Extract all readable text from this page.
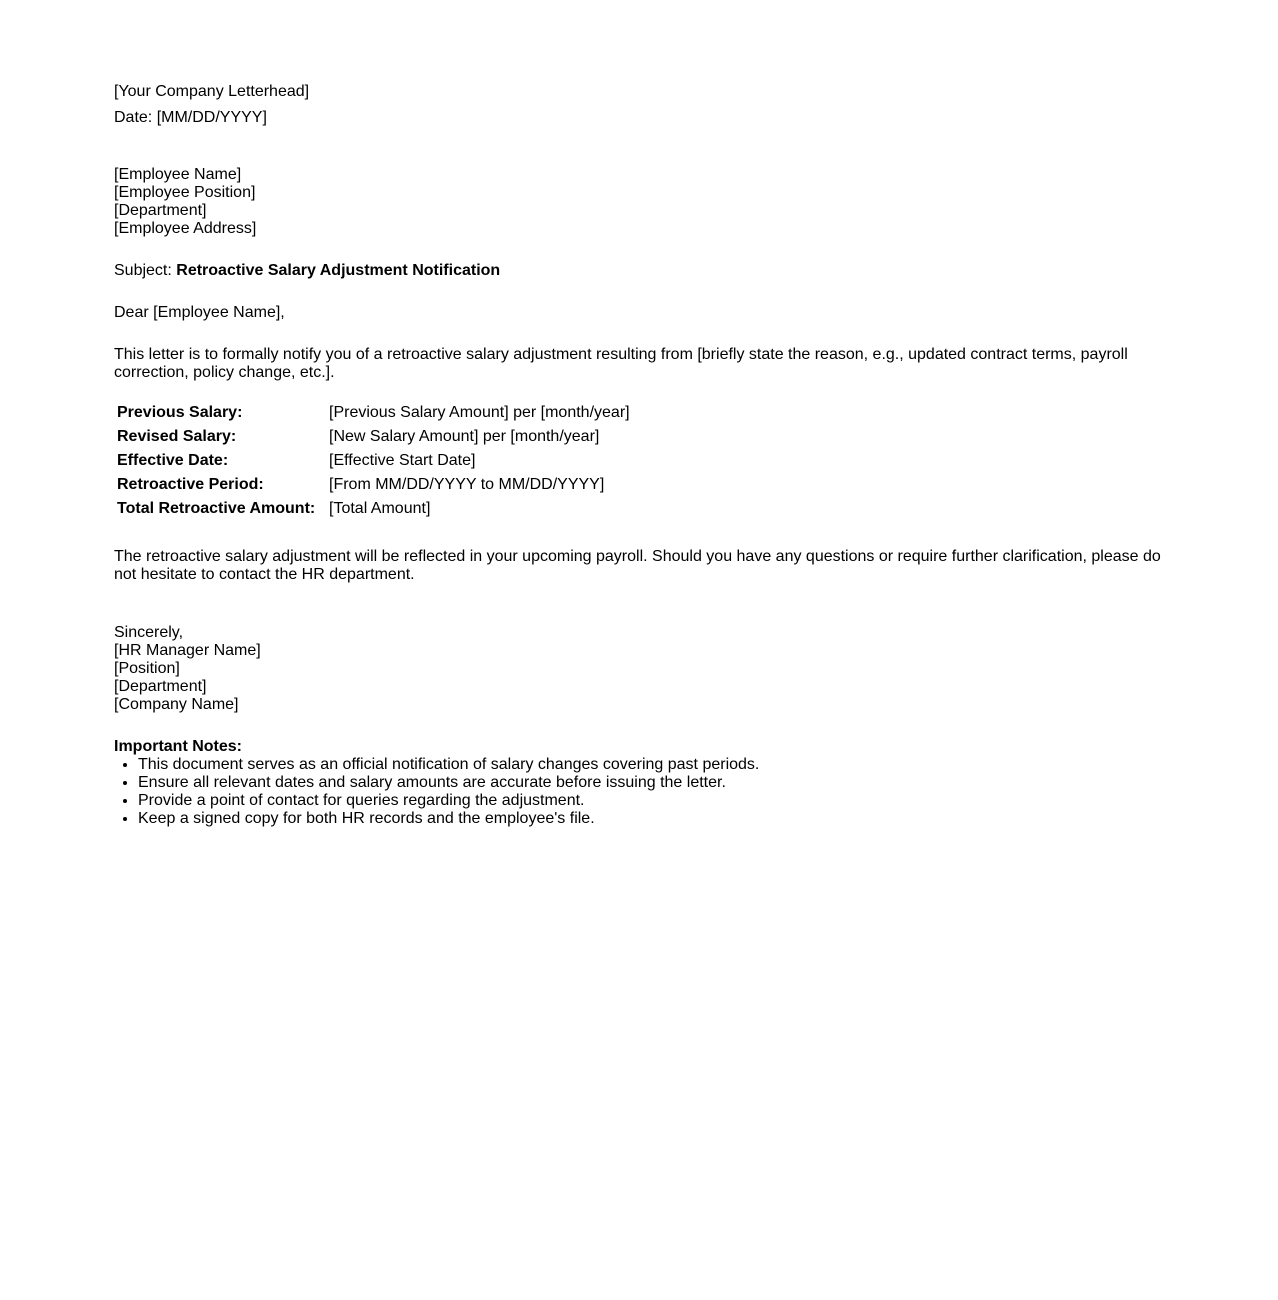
[Your Company Letterhead]
Date: [MM/DD/YYYY]
[Employee Name]
[Employee Position]
[Department]
[Employee Address]
Subject: Retroactive Salary Adjustment Notification
Dear [Employee Name],
This letter is to formally notify you of a retroactive salary adjustment resulting from [briefly state the reason, e.g., updated contract terms, payroll correction, policy change, etc.].
Previous Salary:	[Previous Salary Amount] per [month/year]
Revised Salary:	[New Salary Amount] per [month/year]
Effective Date:	[Effective Start Date]
Retroactive Period:	[From MM/DD/YYYY to MM/DD/YYYY]
Total Retroactive Amount:	[Total Amount]
The retroactive salary adjustment will be reflected in your upcoming payroll. Should you have any questions or require further clarification, please do not hesitate to contact the HR department.
Sincerely,
[HR Manager Name]
[Position]
[Department]
[Company Name]
Important Notes:
• This document serves as an official notification of salary changes covering past periods.
• Ensure all relevant dates and salary amounts are accurate before issuing the letter.
• Provide a point of contact for queries regarding the adjustment.
• Keep a signed copy for both HR records and the employee's file.
